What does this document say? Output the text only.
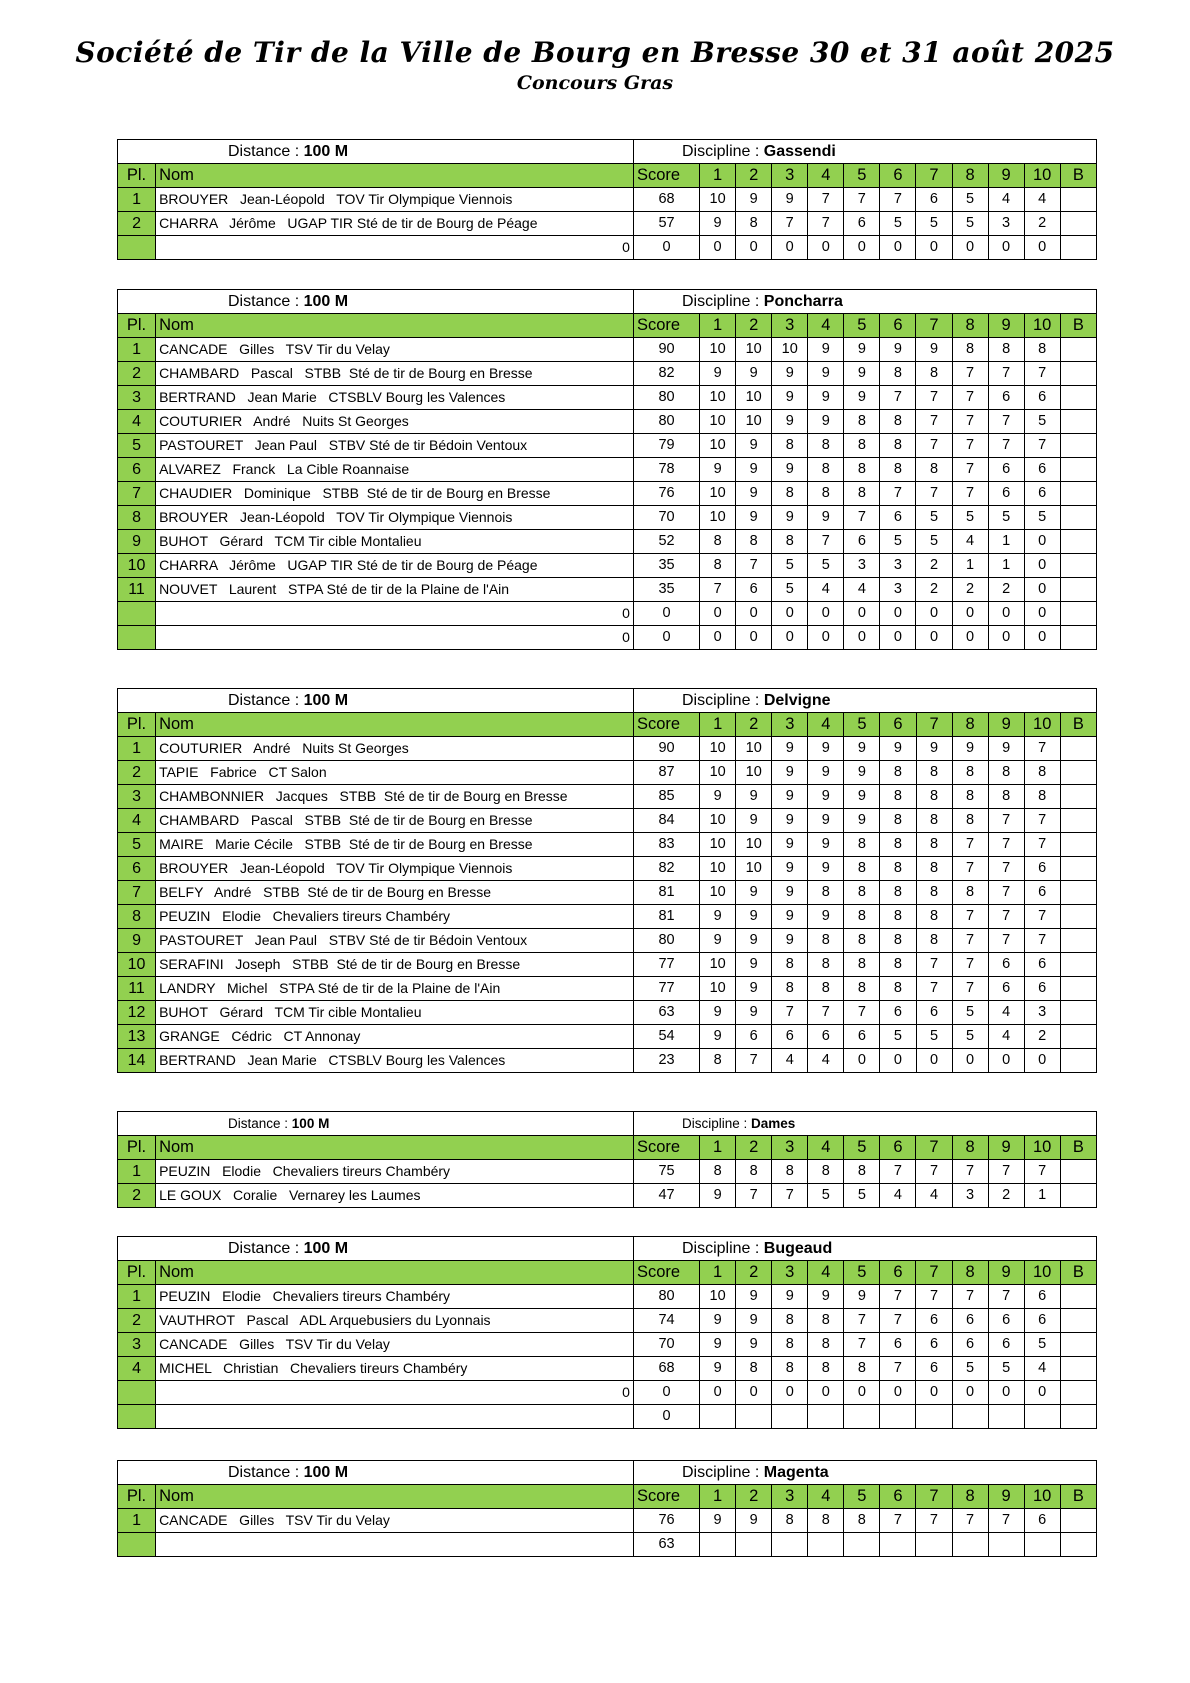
Société de Tir de la Ville de Bourg en Bresse 30 et 31 août 2025
Concours Gras
Distance : 100 M		Discipline : Gassendi											
Pl.	Nom	Score	1	2	3	4	5	6	7	8	9	10	B
1	BROUYER   Jean-Léopold   TOV Tir Olympique Viennois	68	10	9	9	7	7	7	6	5	4	4	
2	CHARRA   Jérôme   UGAP TIR Sté de tir de Bourg de Péage	57	9	8	7	7	6	5	5	5	3	2	
	0	0	0	0	0	0	0	0	0	0	0	0	
Distance : 100 M		Discipline : Poncharra											
Pl.	Nom	Score	1	2	3	4	5	6	7	8	9	10	B
1	CANCADE   Gilles   TSV Tir du Velay	90	10	10	10	9	9	9	9	8	8	8	
2	CHAMBARD   Pascal   STBB  Sté de tir de Bourg en Bresse	82	9	9	9	9	9	8	8	7	7	7	
3	BERTRAND   Jean Marie   CTSBLV Bourg les Valences	80	10	10	9	9	9	7	7	7	6	6	
4	COUTURIER   André   Nuits St Georges	80	10	10	9	9	8	8	7	7	7	5	
5	PASTOURET   Jean Paul   STBV Sté de tir Bédoin Ventoux	79	10	9	8	8	8	8	7	7	7	7	
6	ALVAREZ   Franck   La Cible Roannaise	78	9	9	9	8	8	8	8	7	6	6	
7	CHAUDIER   Dominique   STBB  Sté de tir de Bourg en Bresse	76	10	9	8	8	8	7	7	7	6	6	
8	BROUYER   Jean-Léopold   TOV Tir Olympique Viennois	70	10	9	9	9	7	6	5	5	5	5	
9	BUHOT   Gérard   TCM Tir cible Montalieu	52	8	8	8	7	6	5	5	4	1	0	
10	CHARRA   Jérôme   UGAP TIR Sté de tir de Bourg de Péage	35	8	7	5	5	3	3	2	1	1	0	
11	NOUVET   Laurent   STPA Sté de tir de la Plaine de l'Ain	35	7	6	5	4	4	3	2	2	2	0	
	0	0	0	0	0	0	0	0	0	0	0	0	
	0	0	0	0	0	0	0	0	0	0	0	0	
Distance : 100 M		Discipline : Delvigne											
Pl.	Nom	Score	1	2	3	4	5	6	7	8	9	10	B
1	COUTURIER   André   Nuits St Georges	90	10	10	9	9	9	9	9	9	9	7	
2	TAPIE   Fabrice   CT Salon	87	10	10	9	9	9	8	8	8	8	8	
3	CHAMBONNIER   Jacques   STBB  Sté de tir de Bourg en Bresse	85	9	9	9	9	9	8	8	8	8	8	
4	CHAMBARD   Pascal   STBB  Sté de tir de Bourg en Bresse	84	10	9	9	9	9	8	8	8	7	7	
5	MAIRE   Marie Cécile   STBB  Sté de tir de Bourg en Bresse	83	10	10	9	9	8	8	8	7	7	7	
6	BROUYER   Jean-Léopold   TOV Tir Olympique Viennois	82	10	10	9	9	8	8	8	7	7	6	
7	BELFY   André   STBB  Sté de tir de Bourg en Bresse	81	10	9	9	8	8	8	8	8	7	6	
8	PEUZIN   Elodie   Chevaliers tireurs Chambéry	81	9	9	9	9	8	8	8	7	7	7	
9	PASTOURET   Jean Paul   STBV Sté de tir Bédoin Ventoux	80	9	9	9	8	8	8	8	7	7	7	
10	SERAFINI   Joseph   STBB  Sté de tir de Bourg en Bresse	77	10	9	8	8	8	8	7	7	6	6	
11	LANDRY   Michel   STPA Sté de tir de la Plaine de l'Ain	77	10	9	8	8	8	8	7	7	6	6	
12	BUHOT   Gérard   TCM Tir cible Montalieu	63	9	9	7	7	7	6	6	5	4	3	
13	GRANGE   Cédric   CT Annonay	54	9	6	6	6	6	5	5	5	4	2	
14	BERTRAND   Jean Marie   CTSBLV Bourg les Valences	23	8	7	4	4	0	0	0	0	0	0	
Distance : 100 M		Discipline : Dames											
Pl.	Nom	Score	1	2	3	4	5	6	7	8	9	10	B
1	PEUZIN   Elodie   Chevaliers tireurs Chambéry	75	8	8	8	8	8	7	7	7	7	7	
2	LE GOUX   Coralie   Vernarey les Laumes	47	9	7	7	5	5	4	4	3	2	1	
Distance : 100 M		Discipline : Bugeaud											
Pl.	Nom	Score	1	2	3	4	5	6	7	8	9	10	B
1	PEUZIN   Elodie   Chevaliers tireurs Chambéry	80	10	9	9	9	9	7	7	7	7	6	
2	VAUTHROT   Pascal   ADL Arquebusiers du Lyonnais	74	9	9	8	8	7	7	6	6	6	6	
3	CANCADE   Gilles   TSV Tir du Velay	70	9	9	8	8	7	6	6	6	6	5	
4	MICHEL   Christian   Chevaliers tireurs Chambéry	68	9	8	8	8	8	7	6	5	5	4	
	0	0	0	0	0	0	0	0	0	0	0	0	
		0											
Distance : 100 M		Discipline : Magenta											
Pl.	Nom	Score	1	2	3	4	5	6	7	8	9	10	B
1	CANCADE   Gilles   TSV Tir du Velay	76	9	9	8	8	8	7	7	7	7	6	
		63											
